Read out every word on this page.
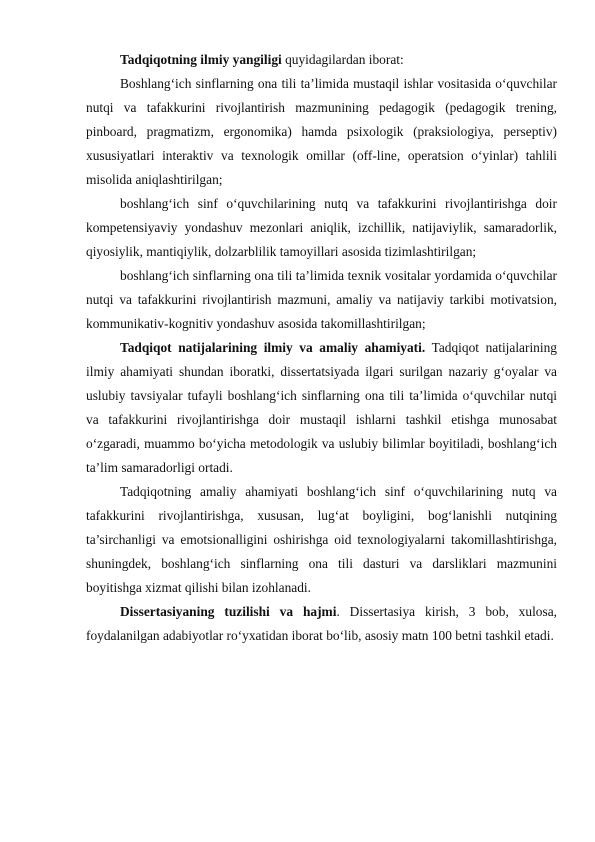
Tadqiqotning ilmiy yangiligi quyidagilardan iborat:

Boshlang‘ich sinflarning ona tili ta’limida mustaqil ishlar vositasida o‘quvchilar nutqi va tafakkurini rivojlantirish mazmunining pedagogik (pedagogik trening, pinboard, pragmatizm, ergonomika) hamda psixologik (praksiologiya, perseptiv) xususiyatlari interaktiv va texnologik omillar (off-line, operatsion o‘yinlar) tahlili misolida aniqlashtirilgan;

boshlang‘ich sinf o‘quvchilarining nutq va tafakkurini rivojlantirishga doir kompetensiyaviy yondashuv mezonlari aniqlik, izchillik, natijaviylik, samaradorlik, qiyosiylik, mantiqiylik, dolzarblilik tamoyillari asosida tizimlashtirilgan;

boshlang‘ich sinflarning ona tili ta’limida texnik vositalar yordamida o‘quvchilar nutqi va tafakkurini rivojlantirish mazmuni, amaliy va natijaviy tarkibi motivatsion, kommunikativ-kognitiv yondashuv asosida takomillashtirilgan;

Tadqiqot natijalarining ilmiy va amaliy ahamiyati. Tadqiqot natijalarining ilmiy ahamiyati shundan iboratki, dissertatsiyada ilgari surilgan nazariy g‘oyalar va uslubiy tavsiyalar tufayli boshlang‘ich sinflarning ona tili ta’limida o‘quvchilar nutqi va tafakkurini rivojlantirishga doir mustaqil ishlarni tashkil etishga munosabat o‘zgaradi, muammo bo‘yicha metodologik va uslubiy bilimlar boyitiladi, boshlang‘ich ta’lim samaradorligi ortadi.

Tadqiqotning amaliy ahamiyati boshlang‘ich sinf o‘quvchilarining nutq va tafakkurini rivojlantirishga, xususan, lug‘at boyligini, bog‘lanishli nutqining ta’sirchanligi va emotsionalligini oshirishga oid texnologiyalarni takomillashtirishga, shuningdek, boshlang‘ich sinflarning ona tili dasturi va darsliklari mazmunini boyitishga xizmat qilishi bilan izohlanadi.

Dissertasiyaning tuzilishi va hajmi. Dissertasiya kirish, 3 bob, xulosa, foydalanilgan adabiyotlar ro‘yxatidan iborat bo‘lib, asosiy matn 100 betni tashkil etadi.
